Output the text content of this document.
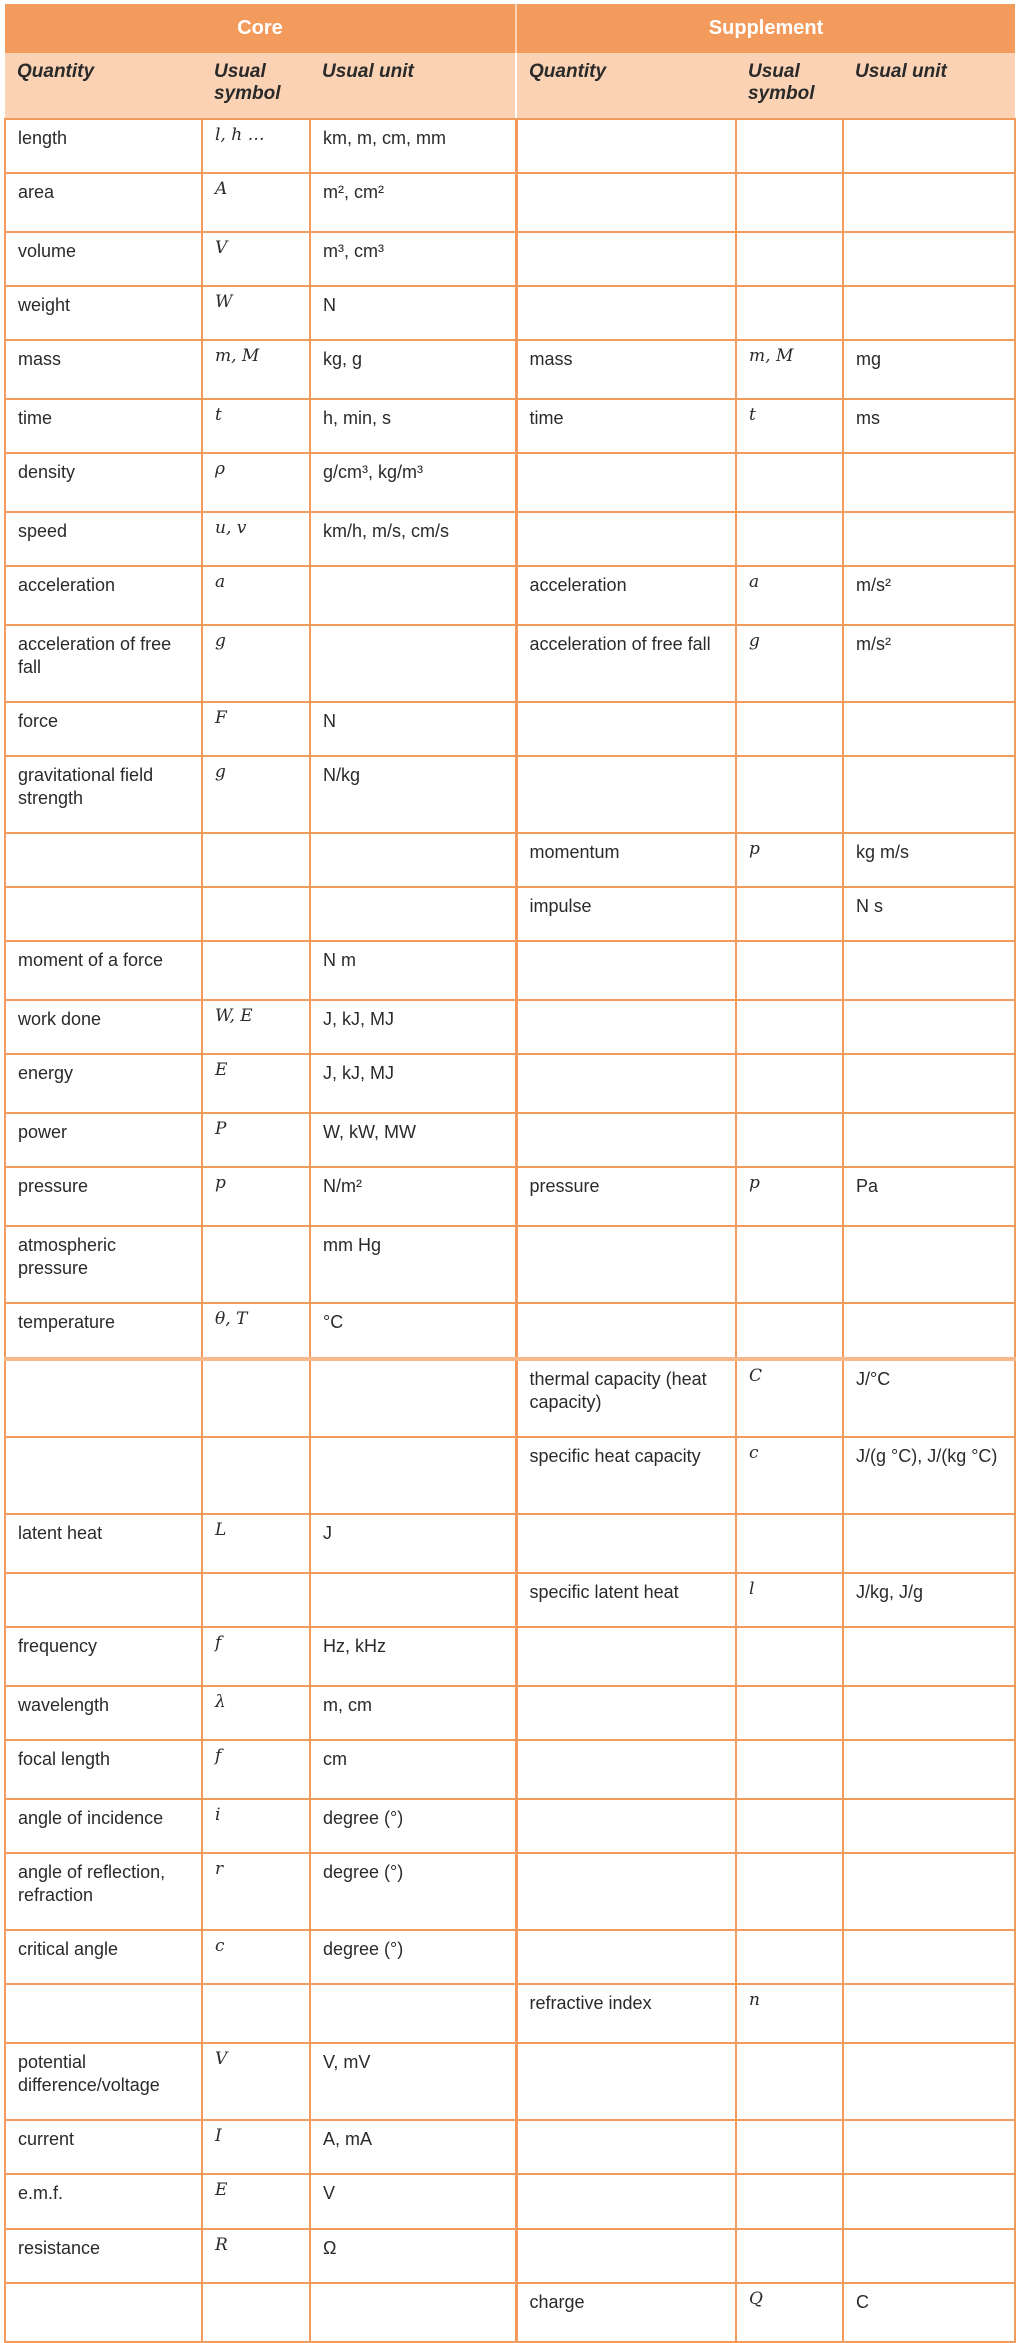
Core			Supplement		
Quantity	Usual symbol	Usual unit	Quantity	Usual symbol	Usual unit
length	l, h …	km, m, cm, mm			
area	A	m², cm²			
volume	V	m³, cm³			
weight	W	N			
mass	m, M	kg, g	mass	m, M	mg
time	t	h, min, s	time	t	ms
density	ρ	g/cm³, kg/m³			
speed	u, v	km/h, m/s, cm/s			
acceleration	a		acceleration	a	m/s²
acceleration of free fall	g		acceleration of free fall	g	m/s²
force	F	N			
gravitational field strength	g	N/kg			
			momentum	p	kg m/s
			impulse		N s
moment of a force		N m			
work done	W, E	J, kJ, MJ			
energy	E	J, kJ, MJ			
power	P	W, kW, MW			
pressure	p	N/m²	pressure	p	Pa
atmospheric pressure		mm Hg			
temperature	θ, T	°C			
			thermal capacity (heat capacity)	C	J/°C
			specific heat capacity	c	J/(g °C), J/(kg °C)
latent heat	L	J			
			specific latent heat	l	J/kg, J/g
frequency	f	Hz, kHz			
wavelength	λ	m, cm			
focal length	f	cm			
angle of incidence	i	degree (°)			
angle of reflection, refraction	r	degree (°)			
critical angle	c	degree (°)			
			refractive index	n	
potential difference/voltage	V	V, mV			
current	I	A, mA			
e.m.f.	E	V			
resistance	R	Ω			
			charge	Q	C
